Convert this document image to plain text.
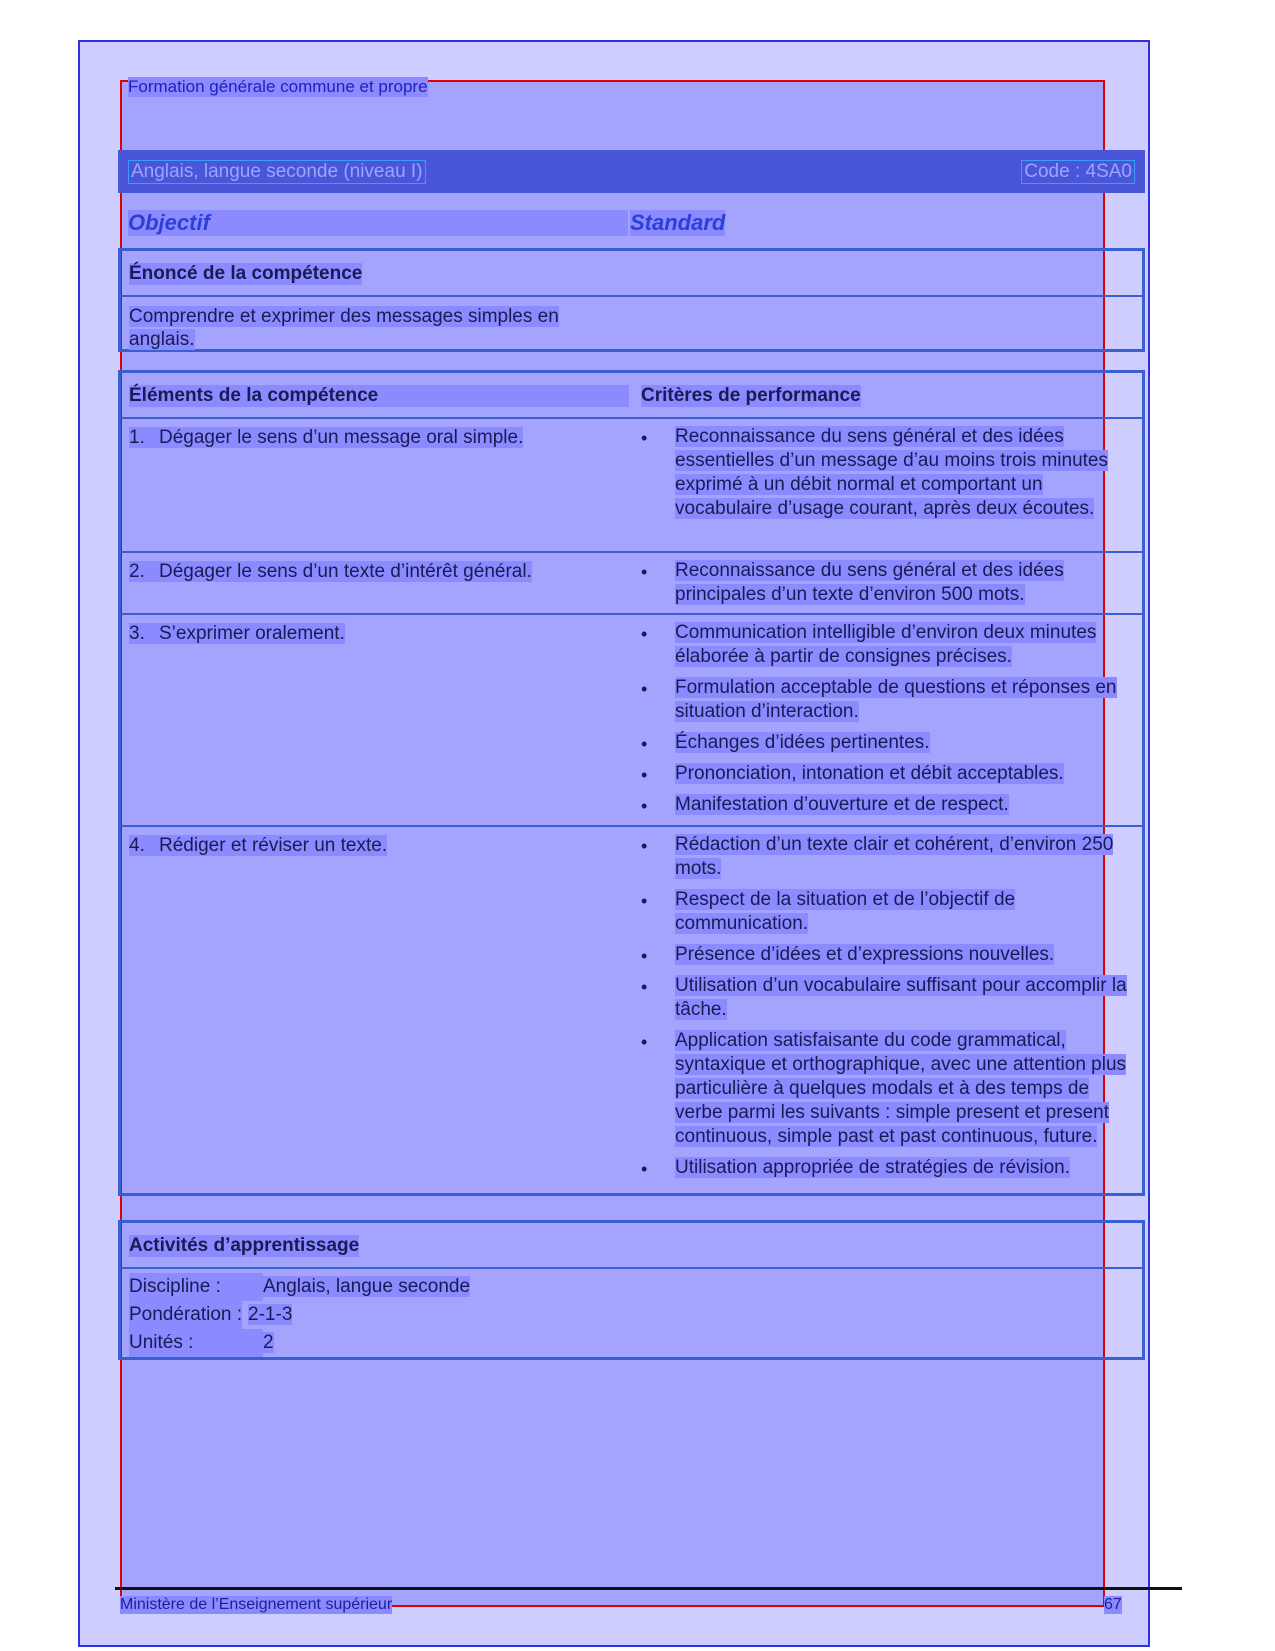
Formation générale commune et propre
Anglais, langue seconde (niveau I)	Code : 4SA0
Objectif	Standard
Énoncé de la compétence
Comprendre et exprimer des messages simples en anglais.
Éléments de la compétence	Critères de performance
1. Dégager le sens d’un message oral simple.	• Reconnaissance du sens général et des idées essentielles d’un message d’au moins trois minutes exprimé à un débit normal et comportant un vocabulaire d’usage courant, après deux écoutes.
2. Dégager le sens d’un texte d’intérêt général.	• Reconnaissance du sens général et des idées principales d’un texte d’environ 500 mots.
3. S’exprimer oralement.	• Communication intelligible d’environ deux minutes élaborée à partir de consignes précises.
• Formulation acceptable de questions et réponses en situation d’interaction.
• Échanges d’idées pertinentes.
• Prononciation, intonation et débit acceptables.
• Manifestation d’ouverture et de respect.
4. Rédiger et réviser un texte.	• Rédaction d’un texte clair et cohérent, d’environ 250 mots.
• Respect de la situation et de l’objectif de communication.
• Présence d’idées et d’expressions nouvelles.
• Utilisation d’un vocabulaire suffisant pour accomplir la tâche.
• Application satisfaisante du code grammatical, syntaxique et orthographique, avec une attention plus particulière à quelques modals et à des temps de verbe parmi les suivants : simple present et present continuous, simple past et past continuous, future.
• Utilisation appropriée de stratégies de révision.
Activités d’apprentissage
Discipline : Anglais, langue seconde
Pondération : 2-1-3
Unités :	2
Ministère de l’Enseignement supérieur	67
